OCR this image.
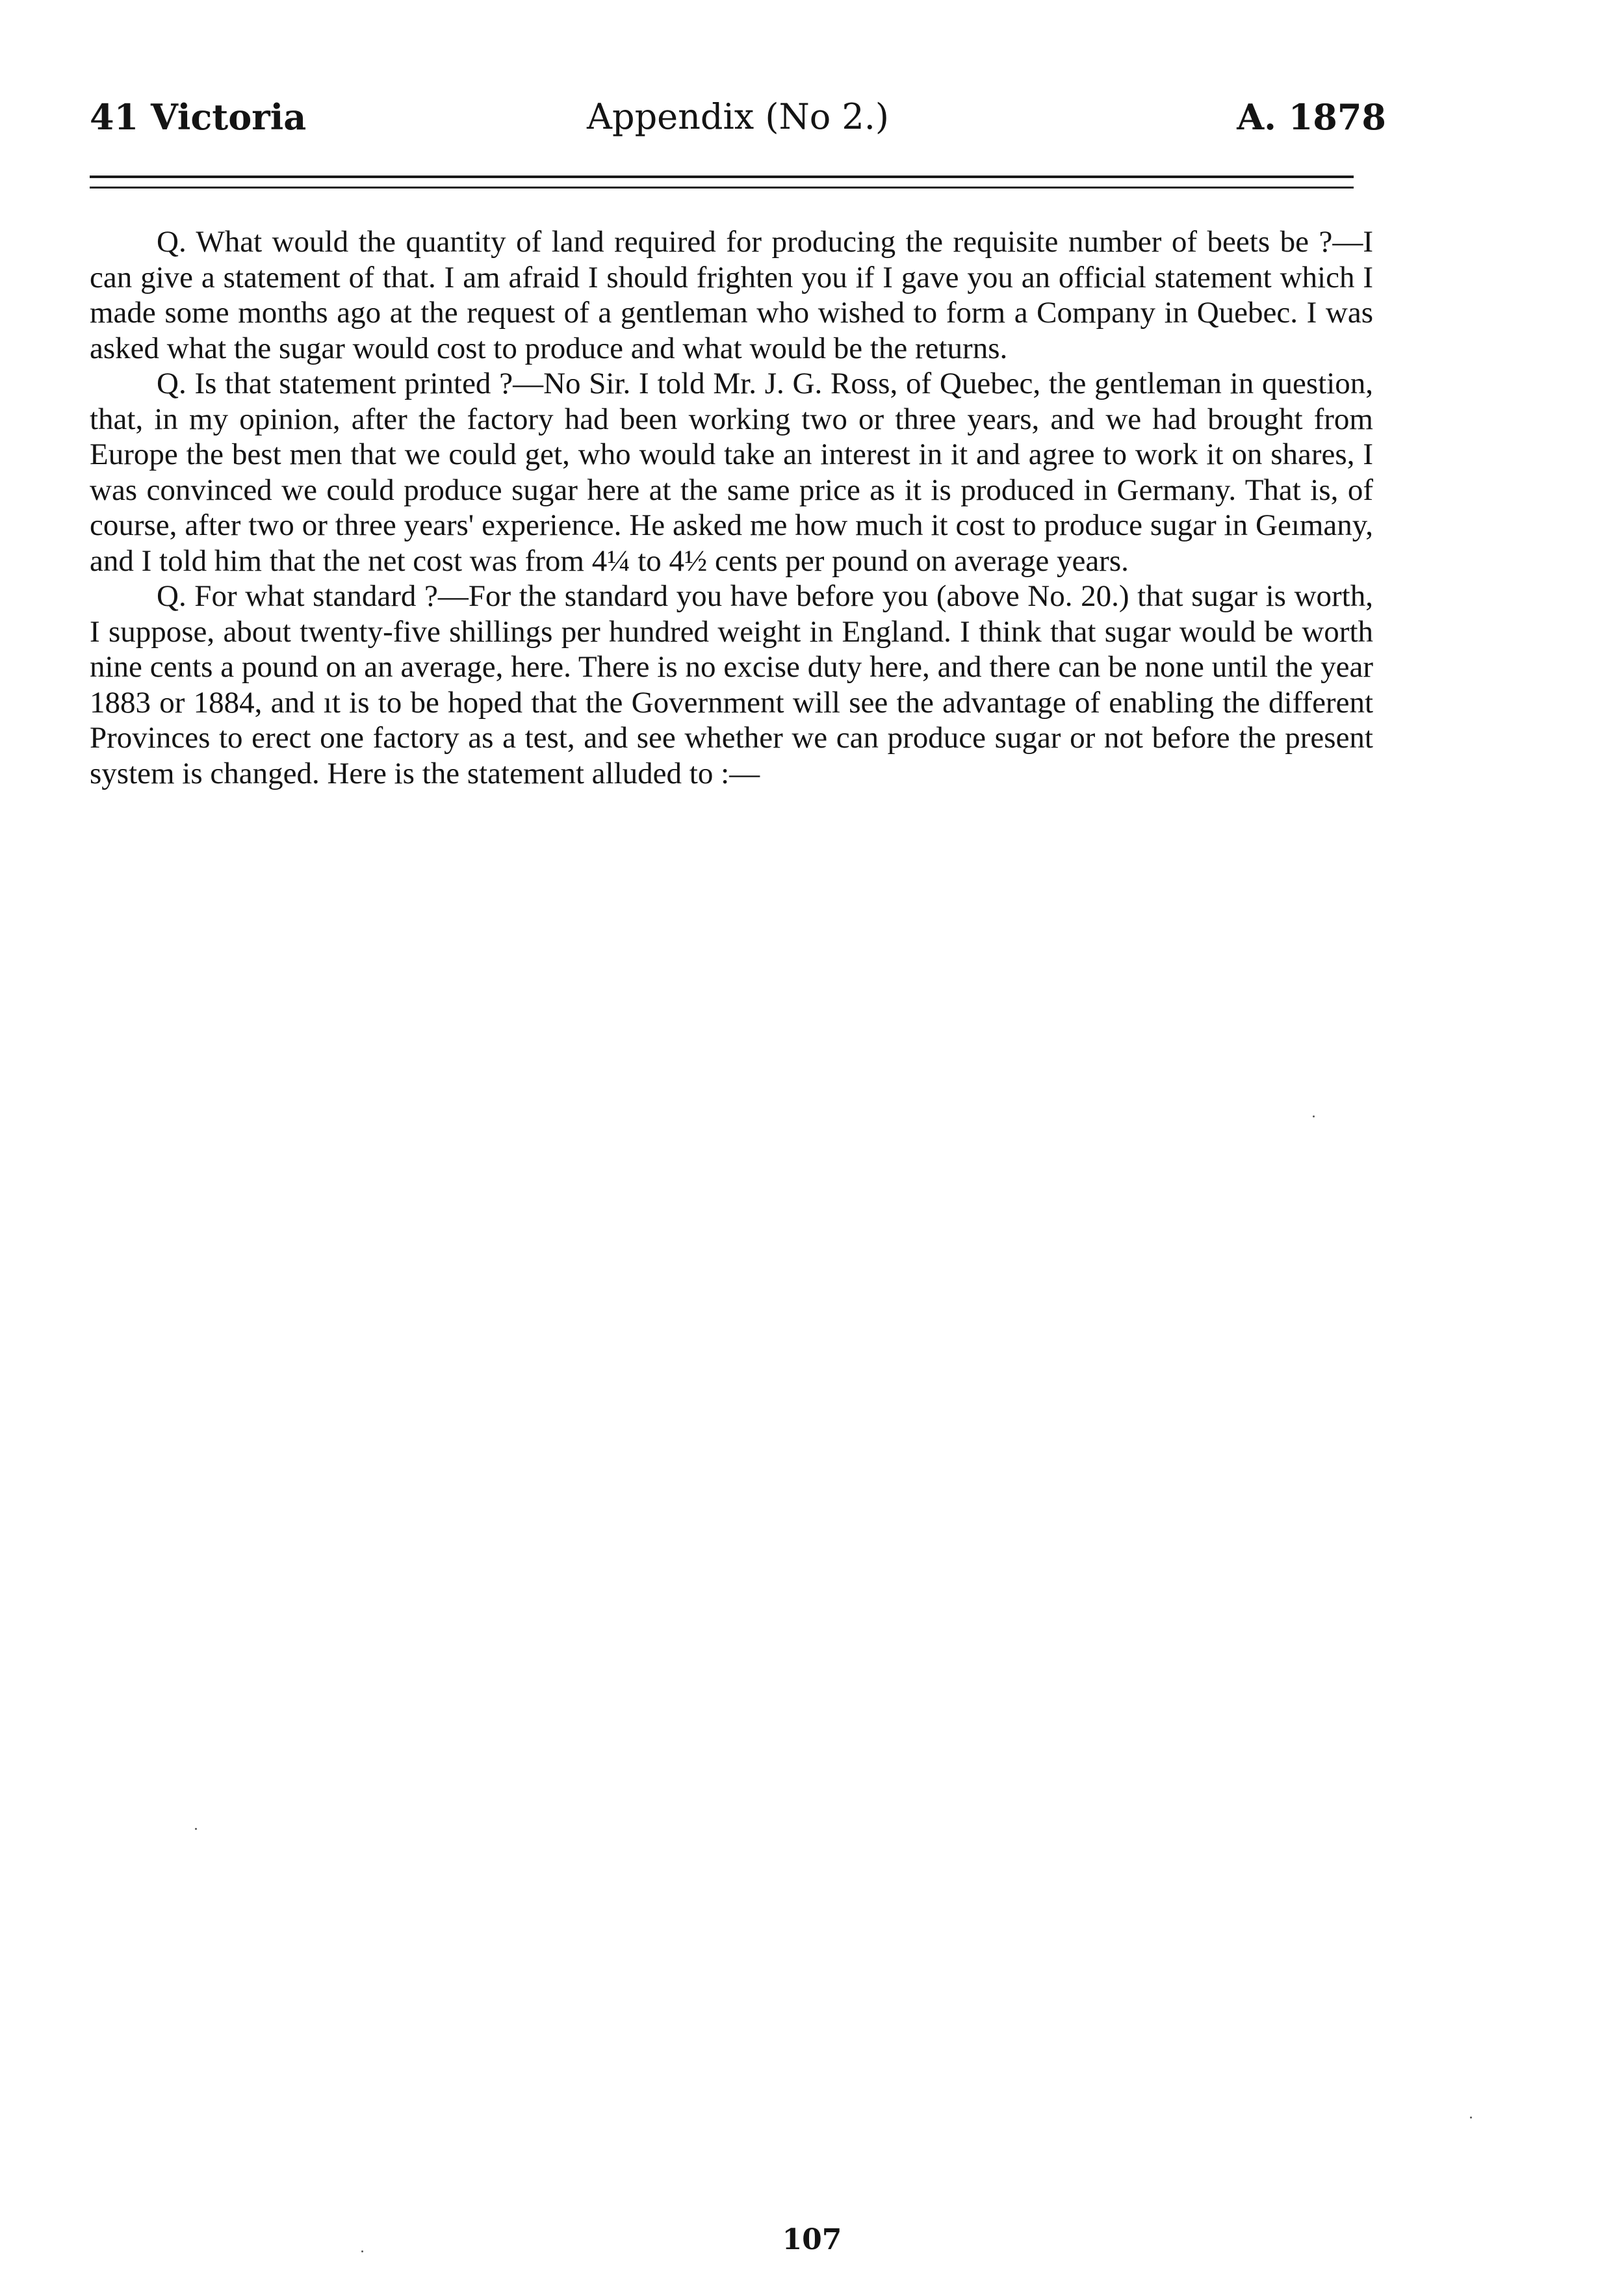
41 Victoria	Appendix (No 2.)	A. 1878

Q. What would the quantity of land required for producing the requisite number of beets be ?—I can give a statement of that. I am afraid I should frighten you if I gave you an official statement which I made some months ago at the request of a gentleman who wished to form a Company in Quebec. I was asked what the sugar would cost to produce and what would be the returns.

Q. Is that statement printed ?—No Sir. I told Mr. J. G. Ross, of Quebec, the gentleman in question, that, in my opinion, after the factory had been working two or three years, and we had brought from Europe the best men that we could get, who would take an interest in it and agree to work it on shares, I was convinced we could produce sugar here at the same price as it is produced in Germany. That is, of course, after two or three years' experience. He asked me how much it cost to produce sugar in Geımany, and I told him that the net cost was from 4¼ to 4½ cents per pound on average years.

Q. For what standard ?—For the standard you have before you (above No. 20.) that sugar is worth, I suppose, about twenty-five shillings per hundred weight in England. I think that sugar would be worth nine cents a pound on an average, here. There is no excise duty here, and there can be none until the year 1883 or 1884, and ıt is to be hoped that the Government will see the advantage of enabling the different Provinces to erect one factory as a test, and see whether we can produce sugar or not before the present system is changed. Here is the statement alluded to :—

107
